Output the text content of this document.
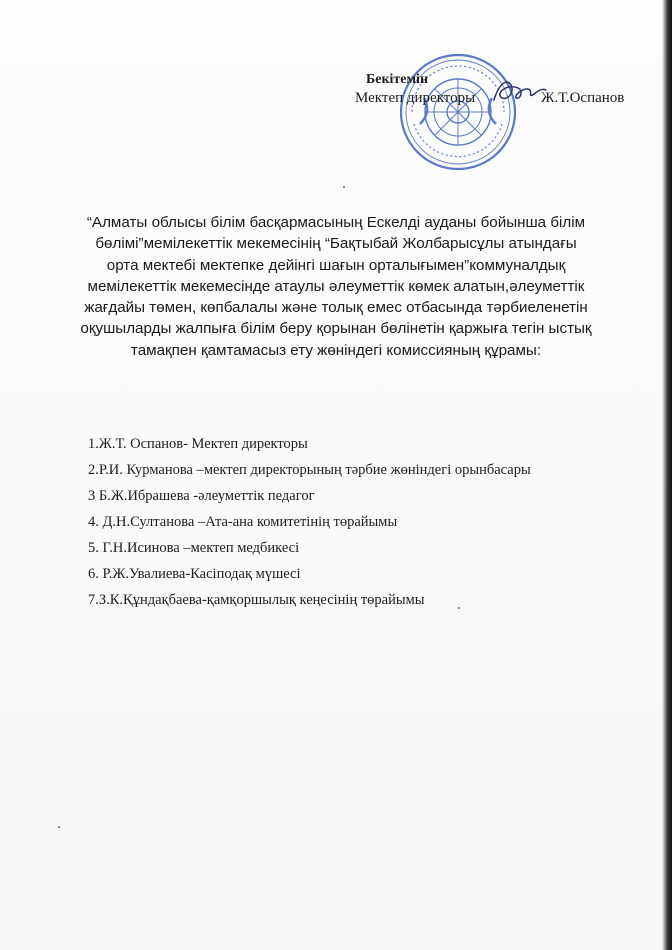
Бекітемін
Мектеп директоры	Ж.Т.Оспанов
“Алматы облысы білім басқармасының Ескелді ауданы бойынша білім бөлімі”мемілекеттік мекемесінің “Бақтыбай Жолбарысұлы атындағы орта мектебі мектепке дейінгі шағын орталығымен”коммуналдық мемілекеттік мекемесінде атаулы әлеуметтік көмек алатын,әлеуметтік жағдайы төмен, көпбалалы және толық емес отбасында тәрбиеленетін оқушыларды жалпыға білім беру қорынан бөлінетін қаржыға тегін ыстық тамақпен қамтамасыз ету жөніндегі комиссияның құрамы:
1.Ж.Т. Оспанов- Мектеп директоры
2.Р.И. Курманова –мектеп директорының тәрбие жөніндегі орынбасары
3 Б.Ж.Ибрашева -әлеуметтік педагог
4. Д.Н.Султанова –Ата-ана комитетінің төрайымы
5. Г.Н.Исинова –мектеп медбикесі
6. Р.Ж.Увалиева-Касіподақ мүшесі
7.З.К.Құндақбаева-қамқоршылық кеңесінің төрайымы
